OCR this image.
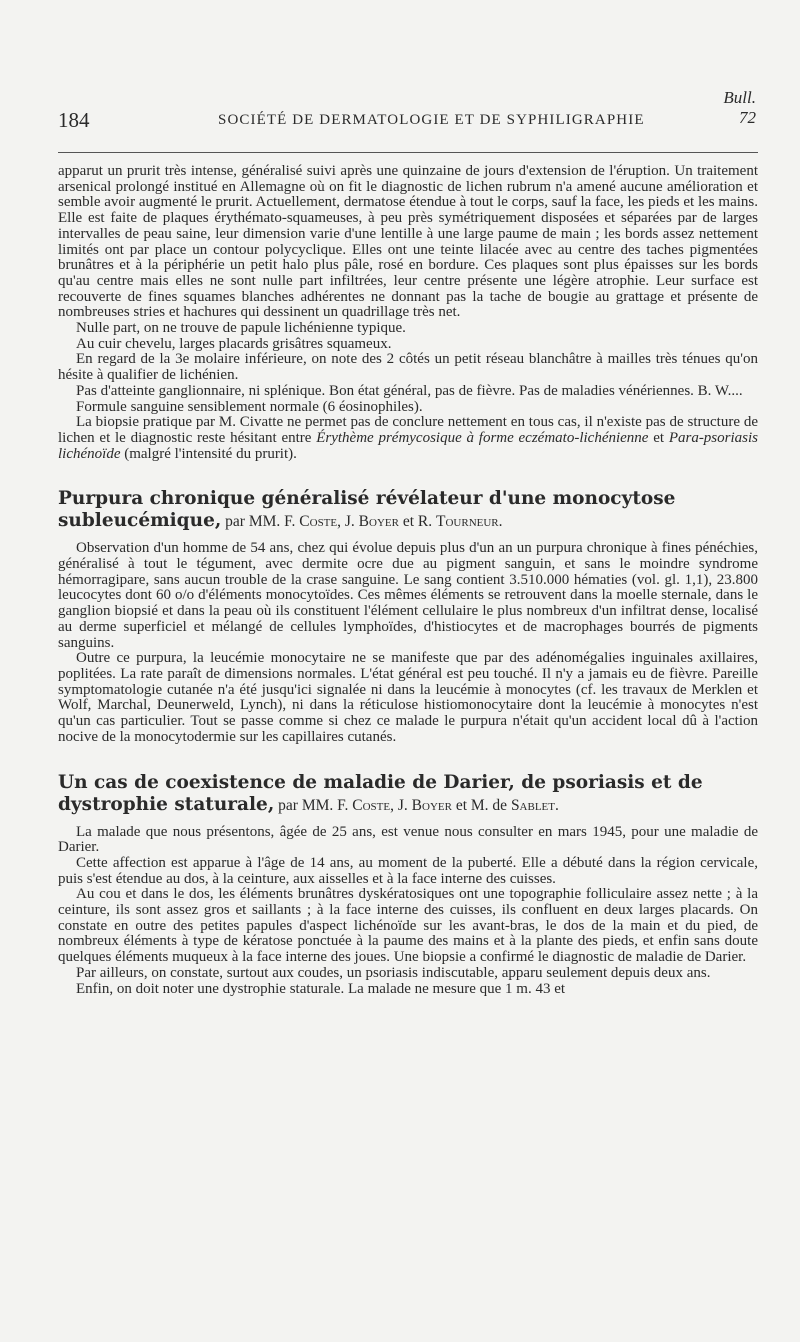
184	SOCIÉTÉ DE DERMATOLOGIE ET DE SYPHILIGRAPHIE
Bull.
72

apparut un prurit très intense, généralisé suivi après une quinzaine de jours d'extension de l'éruption. Un traitement arsenical prolongé institué en Allemagne où on fit le diagnostic de lichen rubrum n'a amené aucune amélioration et semble avoir augmenté le prurit. Actuellement, dermatose étendue à tout le corps, sauf la face, les pieds et les mains. Elle est faite de plaques érythémato-squameuses, à peu près symétriquement disposées et séparées par de larges intervalles de peau saine, leur dimension varie d'une lentille à une large paume de main ; les bords assez nettement limités ont par place un contour polycyclique. Elles ont une teinte lilacée avec au centre des taches pigmentées brunâtres et à la périphérie un petit halo plus pâle, rosé en bordure. Ces plaques sont plus épaisses sur les bords qu'au centre mais elles ne sont nulle part infiltrées, leur centre présente une légère atrophie. Leur surface est recouverte de fines squames blanches adhérentes ne donnant pas la tache de bougie au grattage et présente de nombreuses stries et hachures qui dessinent un quadrillage très net.

Nulle part, on ne trouve de papule lichénienne typique.

Au cuir chevelu, larges placards grisâtres squameux.

En regard de la 3e molaire inférieure, on note des 2 côtés un petit réseau blanchâtre à mailles très ténues qu'on hésite à qualifier de lichénien.

Pas d'atteinte ganglionnaire, ni splénique. Bon état général, pas de fièvre. Pas de maladies vénériennes. B. W....

Formule sanguine sensiblement normale (6 éosinophiles).

La biopsie pratique par M. Civatte ne permet pas de conclure nettement en tous cas, il n'existe pas de structure de lichen et le diagnostic reste hésitant entre Érythème prémycosique à forme eczémato-lichénienne et Para-psoriasis lichénoïde (malgré l'intensité du prurit).

Purpura chronique généralisé révélateur d'une monocytose subleucémique, par MM. F. Coste, J. Boyer et R. Tourneur.

Observation d'un homme de 54 ans, chez qui évolue depuis plus d'un an un purpura chronique à fines pénéchies, généralisé à tout le tégument, avec dermite ocre due au pigment sanguin, et sans le moindre syndrome hémorragipare, sans aucun trouble de la crase sanguine. Le sang contient 3.510.000 hématies (vol. gl. 1,1), 23.800 leucocytes dont 60 o/o d'éléments monocytoïdes. Ces mêmes éléments se retrouvent dans la moelle sternale, dans le ganglion biopsié et dans la peau où ils constituent l'élément cellulaire le plus nombreux d'un infiltrat dense, localisé au derme superficiel et mélangé de cellules lymphoïdes, d'histiocytes et de macrophages bourrés de pigments sanguins.

Outre ce purpura, la leucémie monocytaire ne se manifeste que par des adénomégalies inguinales axillaires, poplitées. La rate paraît de dimensions normales. L'état général est peu touché. Il n'y a jamais eu de fièvre. Pareille symptomatologie cutanée n'a été jusqu'ici signalée ni dans la leucémie à monocytes (cf. les travaux de Merklen et Wolf, Marchal, Deunerweld, Lynch), ni dans la réticulose histiomonocytaire dont la leucémie à monocytes n'est qu'un cas particulier. Tout se passe comme si chez ce malade le purpura n'était qu'un accident local dû à l'action nocive de la monocytodermie sur les capillaires cutanés.

Un cas de coexistence de maladie de Darier, de psoriasis et de dystrophie staturale, par MM. F. Coste, J. Boyer et M. de Sablet.

La malade que nous présentons, âgée de 25 ans, est venue nous consulter en mars 1945, pour une maladie de Darier.

Cette affection est apparue à l'âge de 14 ans, au moment de la puberté. Elle a débuté dans la région cervicale, puis s'est étendue au dos, à la ceinture, aux aisselles et à la face interne des cuisses.

Au cou et dans le dos, les éléments brunâtres dyskératosiques ont une topographie folliculaire assez nette ; à la ceinture, ils sont assez gros et saillants ; à la face interne des cuisses, ils confluent en deux larges placards. On constate en outre des petites papules d'aspect lichénoïde sur les avant-bras, le dos de la main et du pied, de nombreux éléments à type de kératose ponctuée à la paume des mains et à la plante des pieds, et enfin sans doute quelques éléments muqueux à la face interne des joues. Une biopsie a confirmé le diagnostic de maladie de Darier.

Par ailleurs, on constate, surtout aux coudes, un psoriasis indiscutable, apparu seulement depuis deux ans.

Enfin, on doit noter une dystrophie staturale. La malade ne mesure que 1 m. 43 et
